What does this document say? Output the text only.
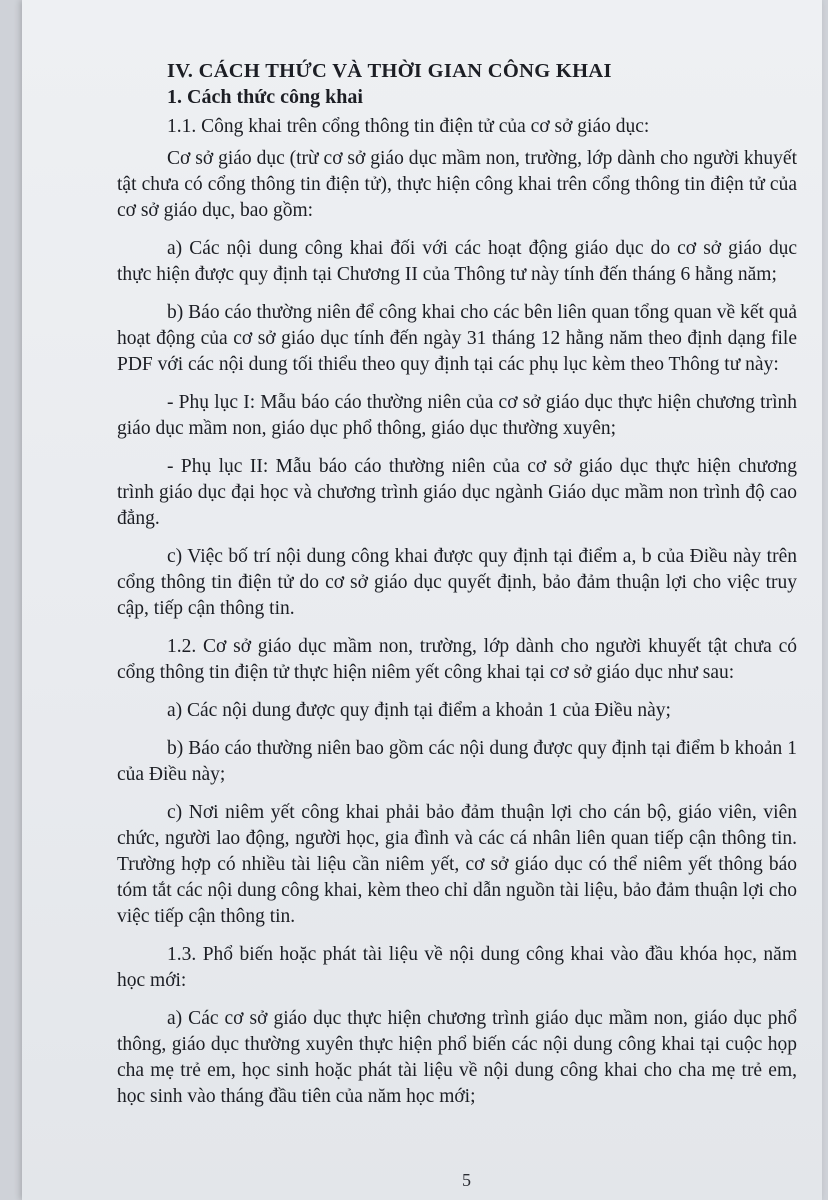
IV. CÁCH THỨC VÀ THỜI GIAN CÔNG KHAI
1. Cách thức công khai

1.1. Công khai trên cổng thông tin điện tử của cơ sở giáo dục:

Cơ sở giáo dục (trừ cơ sở giáo dục mầm non, trường, lớp dành cho người khuyết tật chưa có cổng thông tin điện tử), thực hiện công khai trên cổng thông tin điện tử của cơ sở giáo dục, bao gồm:

a) Các nội dung công khai đối với các hoạt động giáo dục do cơ sở giáo dục thực hiện được quy định tại Chương II của Thông tư này tính đến tháng 6 hằng năm;

b) Báo cáo thường niên để công khai cho các bên liên quan tổng quan về kết quả hoạt động của cơ sở giáo dục tính đến ngày 31 tháng 12 hằng năm theo định dạng file PDF với các nội dung tối thiểu theo quy định tại các phụ lục kèm theo Thông tư này:

- Phụ lục I: Mẫu báo cáo thường niên của cơ sở giáo dục thực hiện chương trình giáo dục mầm non, giáo dục phổ thông, giáo dục thường xuyên;

- Phụ lục II: Mẫu báo cáo thường niên của cơ sở giáo dục thực hiện chương trình giáo dục đại học và chương trình giáo dục ngành Giáo dục mầm non trình độ cao đẳng.

c) Việc bố trí nội dung công khai được quy định tại điểm a, b của Điều này trên cổng thông tin điện tử do cơ sở giáo dục quyết định, bảo đảm thuận lợi cho việc truy cập, tiếp cận thông tin.

1.2. Cơ sở giáo dục mầm non, trường, lớp dành cho người khuyết tật chưa có cổng thông tin điện tử thực hiện niêm yết công khai tại cơ sở giáo dục như sau:

a) Các nội dung được quy định tại điểm a khoản 1 của Điều này;

b) Báo cáo thường niên bao gồm các nội dung được quy định tại điểm b khoản 1 của Điều này;

c) Nơi niêm yết công khai phải bảo đảm thuận lợi cho cán bộ, giáo viên, viên chức, người lao động, người học, gia đình và các cá nhân liên quan tiếp cận thông tin. Trường hợp có nhiều tài liệu cần niêm yết, cơ sở giáo dục có thể niêm yết thông báo tóm tắt các nội dung công khai, kèm theo chỉ dẫn nguồn tài liệu, bảo đảm thuận lợi cho việc tiếp cận thông tin.

1.3. Phổ biến hoặc phát tài liệu về nội dung công khai vào đầu khóa học, năm học mới:

a) Các cơ sở giáo dục thực hiện chương trình giáo dục mầm non, giáo dục phổ thông, giáo dục thường xuyên thực hiện phổ biến các nội dung công khai tại cuộc họp cha mẹ trẻ em, học sinh hoặc phát tài liệu về nội dung công khai cho cha mẹ trẻ em, học sinh vào tháng đầu tiên của năm học mới;

5
